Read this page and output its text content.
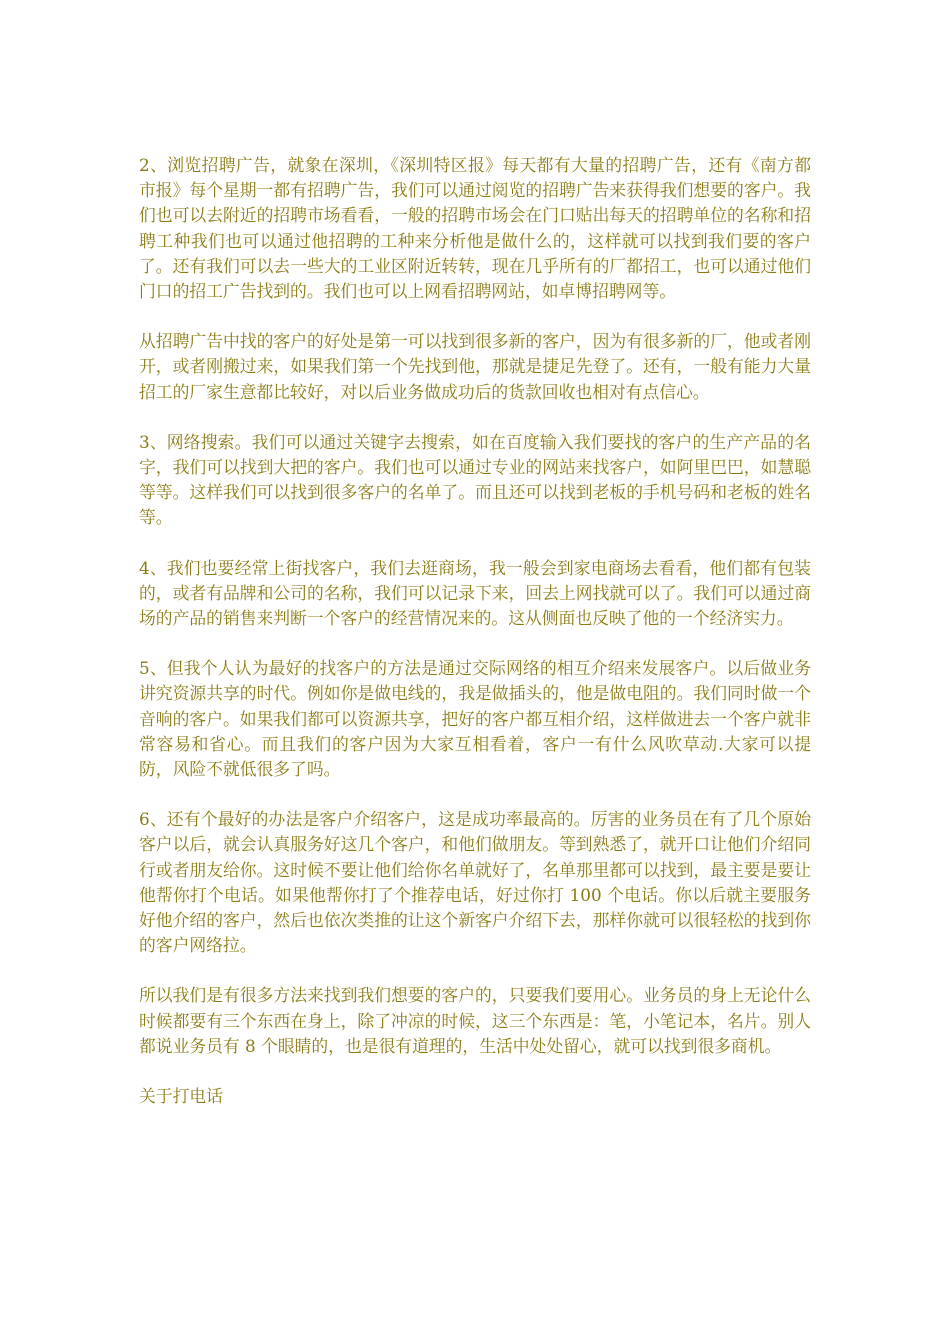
2、浏览招聘广告，就象在深圳，《深圳特区报》每天都有大量的招聘广告，还有《南方都市报》每个星期一都有招聘广告，我们可以通过阅览的招聘广告来获得我们想要的客户。我们也可以去附近的招聘市场看看，一般的招聘市场会在门口贴出每天的招聘单位的名称和招聘工种我们也可以通过他招聘的工种来分析他是做什么的，这样就可以找到我们要的客户了。还有我们可以去一些大的工业区附近转转，现在几乎所有的厂都招工，也可以通过他们门口的招工广告找到的。我们也可以上网看招聘网站，如卓博招聘网等。

从招聘广告中找的客户的好处是第一可以找到很多新的客户，因为有很多新的厂，他或者刚开，或者刚搬过来，如果我们第一个先找到他，那就是捷足先登了。还有，一般有能力大量招工的厂家生意都比较好，对以后业务做成功后的货款回收也相对有点信心。

3、网络搜索。我们可以通过关键字去搜索，如在百度输入我们要找的客户的生产产品的名字，我们可以找到大把的客户。我们也可以通过专业的网站来找客户，如阿里巴巴，如慧聪等等。这样我们可以找到很多客户的名单了。而且还可以找到老板的手机号码和老板的姓名等。

4、我们也要经常上街找客户，我们去逛商场，我一般会到家电商场去看看，他们都有包装的，或者有品牌和公司的名称，我们可以记录下来，回去上网找就可以了。我们可以通过商场的产品的销售来判断一个客户的经营情况来的。这从侧面也反映了他的一个经济实力。

5、但我个人认为最好的找客户的方法是通过交际网络的相互介绍来发展客户。以后做业务讲究资源共享的时代。例如你是做电线的，我是做插头的，他是做电阻的。我们同时做一个音响的客户。如果我们都可以资源共享，把好的客户都互相介绍，这样做进去一个客户就非常容易和省心。而且我们的客户因为大家互相看着，客户一有什么风吹草动.大家可以提防，风险不就低很多了吗。

6、还有个最好的办法是客户介绍客户，这是成功率最高的。厉害的业务员在有了几个原始客户以后，就会认真服务好这几个客户，和他们做朋友。等到熟悉了，就开口让他们介绍同行或者朋友给你。这时候不要让他们给你名单就好了，名单那里都可以找到，最主要是要让他帮你打个电话。如果他帮你打了个推荐电话，好过你打 100 个电话。你以后就主要服务好他介绍的客户，然后也依次类推的让这个新客户介绍下去，那样你就可以很轻松的找到你的客户网络拉。

所以我们是有很多方法来找到我们想要的客户的，只要我们要用心。业务员的身上无论什么时候都要有三个东西在身上，除了冲凉的时候，这三个东西是：笔，小笔记本，名片。别人都说业务员有 8 个眼睛的，也是很有道理的，生活中处处留心，就可以找到很多商机。

关于打电话
